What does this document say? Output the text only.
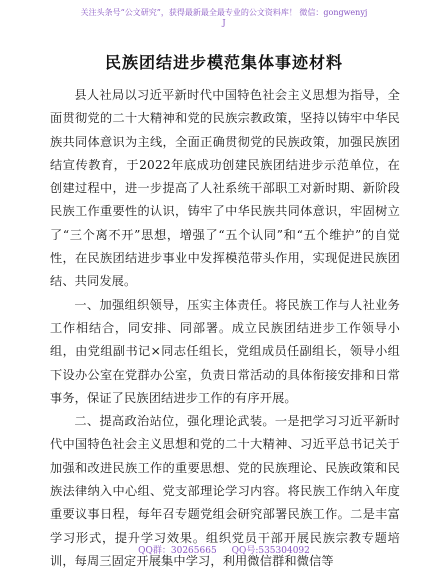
关注头条号“公文研究”，获得最新最全最专业的公文资料库！ 微信：gongwenyj
J
民族团结进步模范集体事迹材料

县人社局以习近平新时代中国特色社会主义思想为指导，全面贯彻党的二十大精神和党的民族宗教政策，坚持以铸牢中华民族共同体意识为主线，全面正确贯彻党的民族政策，加强民族团结宣传教育，于2022年底成功创建民族团结进步示范单位，在创建过程中，进一步提高了人社系统干部职工对新时期、新阶段民族工作重要性的认识，铸牢了中华民族共同体意识，牢固树立了“三个离不开”思想，增强了“五个认同”和“五个维护”的自觉性，在民族团结进步事业中发挥模范带头作用，实现促进民族团结、共同发展。

一、加强组织领导，压实主体责任。将民族工作与人社业务工作相结合，同安排、同部署。成立民族团结进步工作领导小组，由党组副书记×同志任组长，党组成员任副组长，领导小组下设办公室在党群办公室，负责日常活动的具体衔接安排和日常事务，保证了民族团结进步工作的有序开展。

二、提高政治站位，强化理论武装。一是把学习习近平新时代中国特色社会主义思想和党的二十大精神、习近平总书记关于加强和改进民族工作的重要思想、党的民族理论、民族政策和民族法律纳入中心组、党支部理论学习内容。将民族工作纳入年度重要议事日程，每年召专题党组会研究部署民族工作。二是丰富学习形式，提升学习效果。组织党员干部开展民族宗教专题培训，每周三固定开展集中学习，利用微信群和微信等

QQ群：30265665 QQ号:535304092
